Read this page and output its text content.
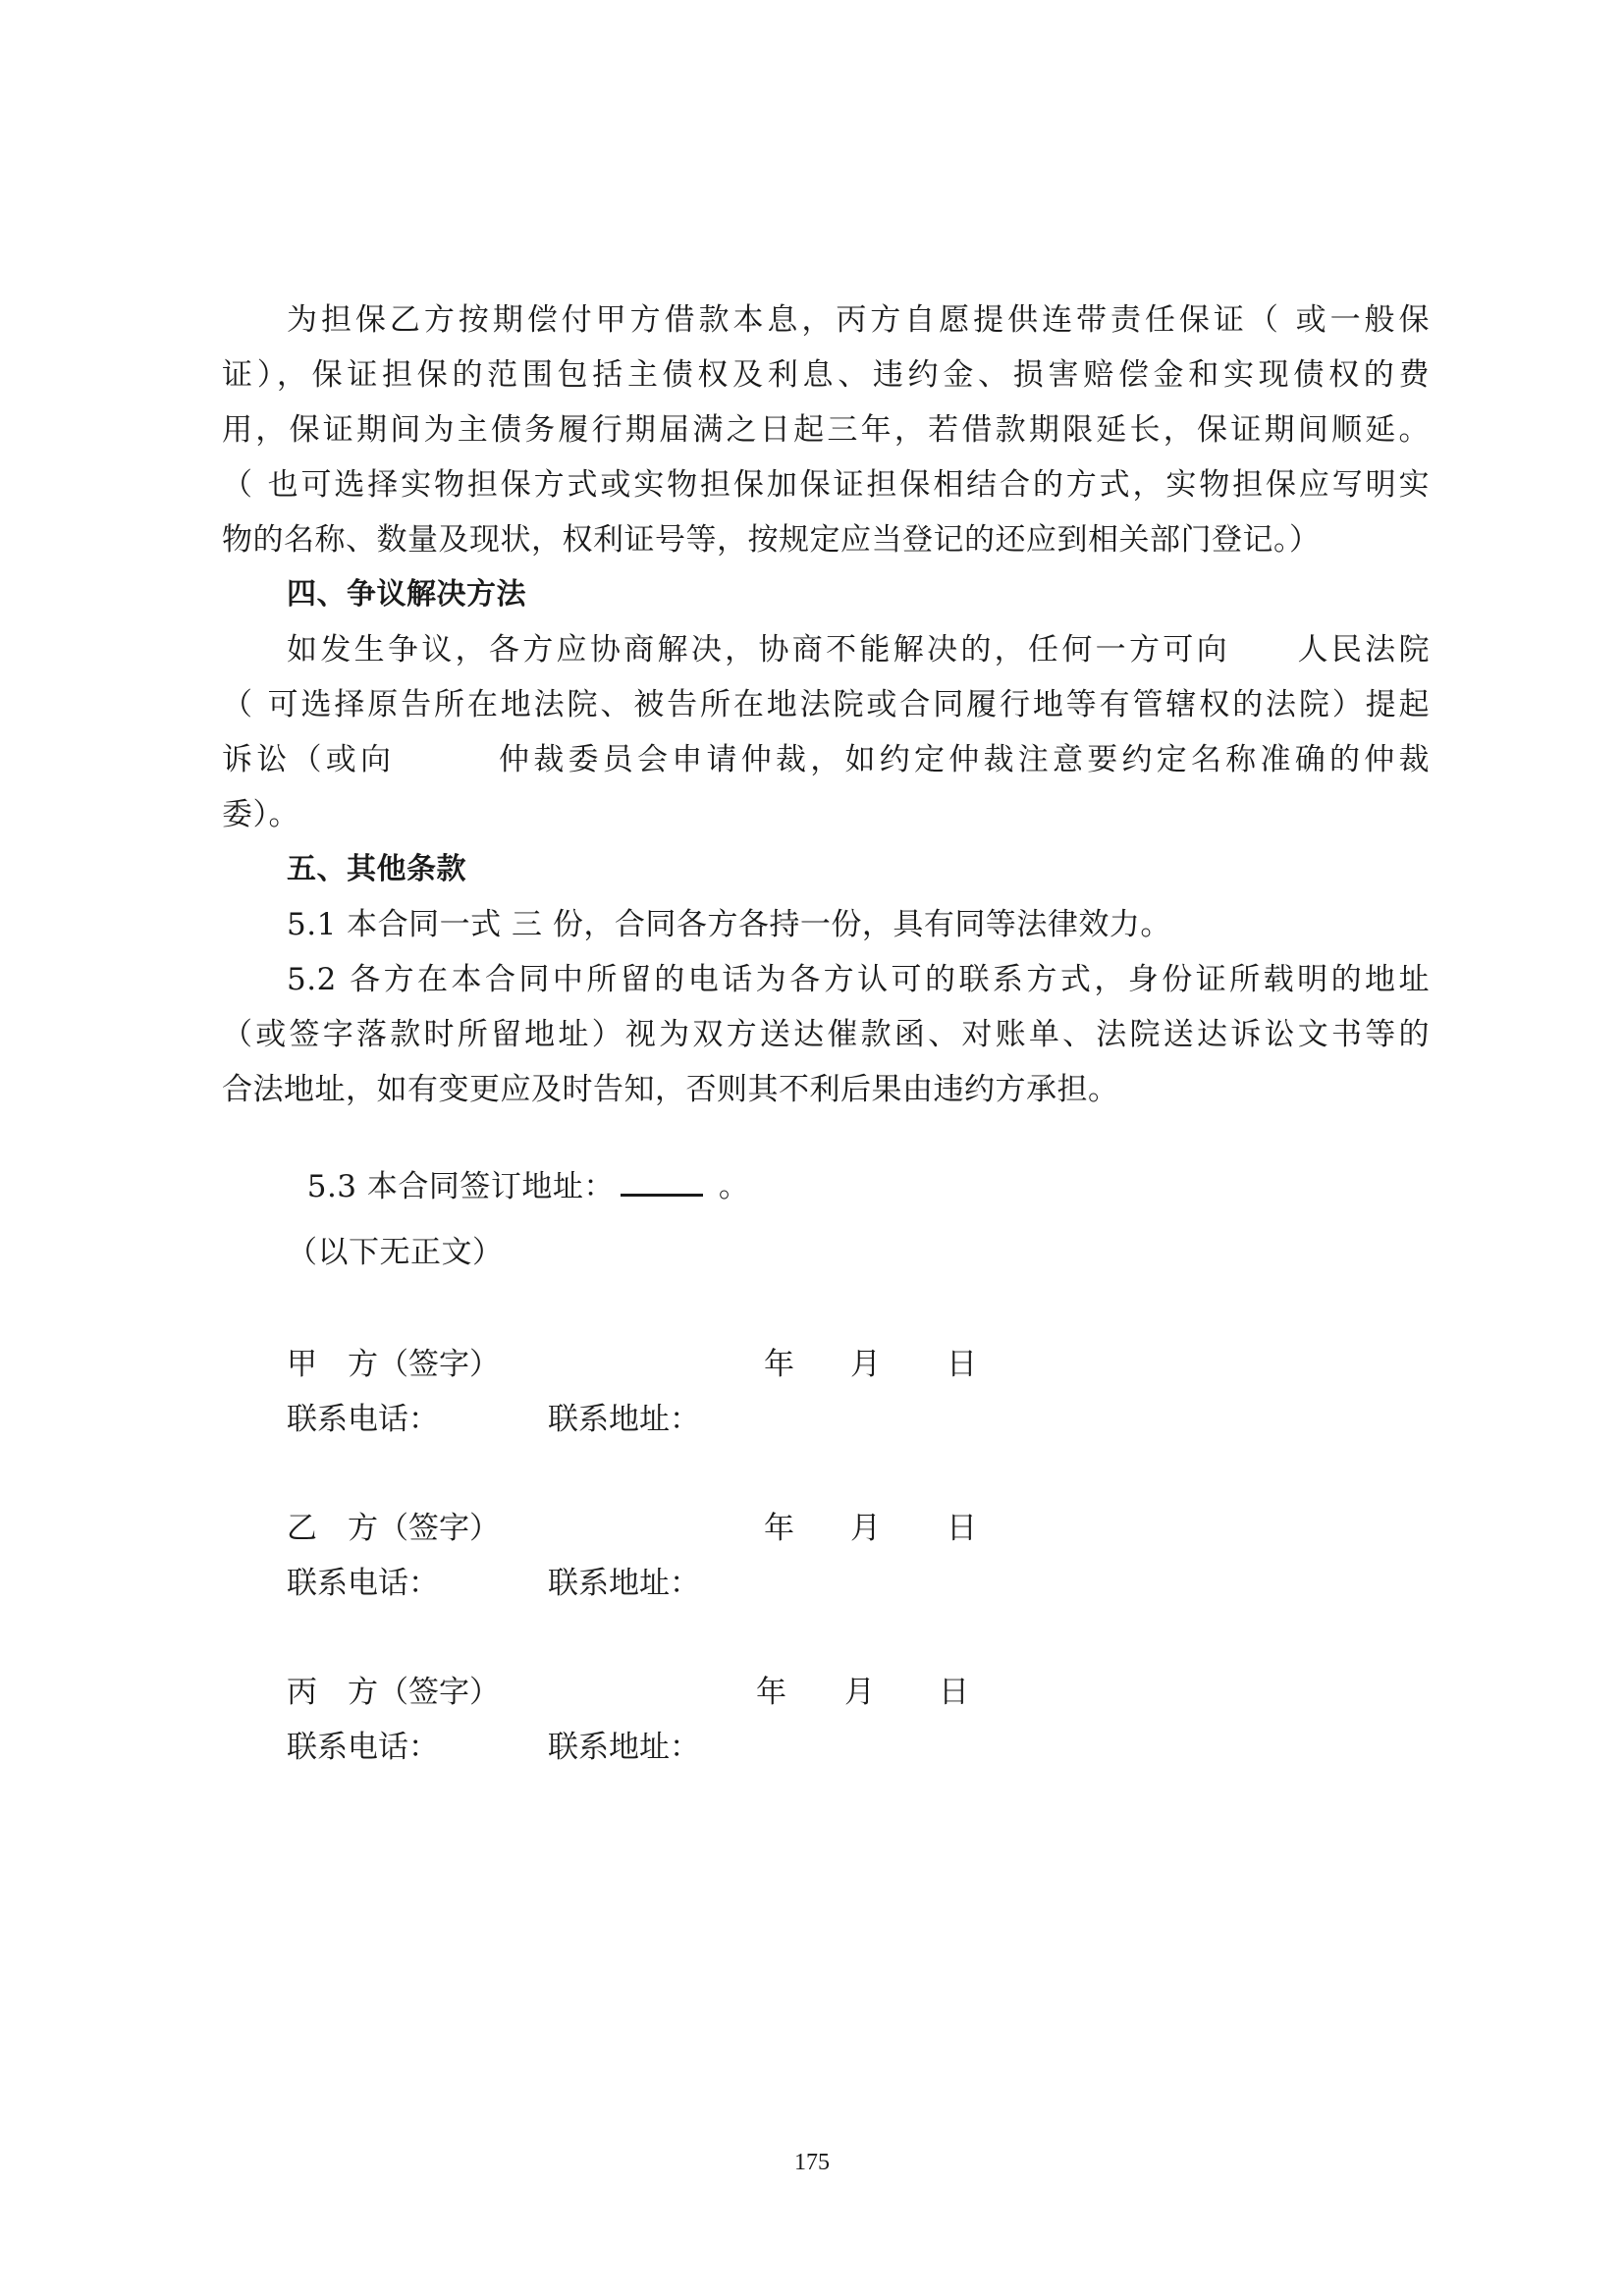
为担保乙方按期偿付甲方借款本息，丙方自愿提供连带责任保证（ 或一般保
证），保证担保的范围包括主债权及利息、违约金、损害赔偿金和实现债权的费
用，保证期间为主债务履行期届满之日起三年，若借款期限延长，保证期间顺延。
（ 也可选择实物担保方式或实物担保加保证担保相结合的方式，实物担保应写明实
物的名称、数量及现状，权利证号等，按规定应当登记的还应到相关部门登记。）
四、争议解决方法
如发生争议，各方应协商解决，协商不能解决的，任何一方可向　　人民法院
（ 可选择原告所在地法院、被告所在地法院或合同履行地等有管辖权的法院）提起
诉讼（或向　　　仲裁委员会申请仲裁，如约定仲裁注意要约定名称准确的仲裁
委）。
五、其他条款
5.1 本合同一式 三 份，合同各方各持一份，具有同等法律效力。
5.2 各方在本合同中所留的电话为各方认可的联系方式，身份证所载明的地址
（或签字落款时所留地址）视为双方送达催款函、对账单、法院送达诉讼文书等的
合法地址，如有变更应及时告知，否则其不利后果由违约方承担。

5.3 本合同签订地址：	。

（以下无正文）
甲　方（签字）	年 月 日
联系电话：	联系地址：
乙　方（签字）	年 月 日
联系电话：	联系地址：
丙　方（签字）	年 月 日
联系电话：	联系地址：
175
